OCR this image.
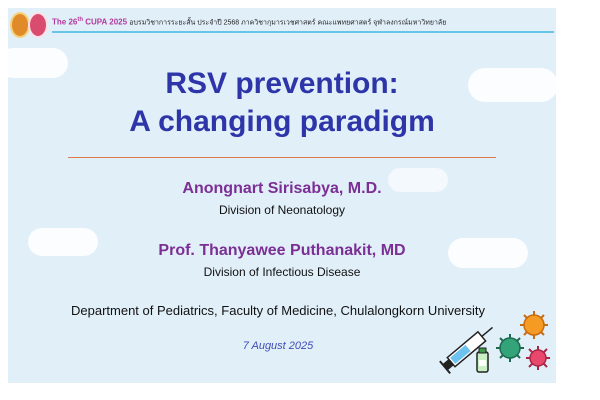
The 26th CUPA 2025 อบรมวิชาการระยะสั้น ประจำปี 2568 ภาควิชากุมารเวชศาสตร์ คณะแพทยศาสตร์ จุฬาลงกรณ์มหาวิทยาลัย
RSV prevention:
A changing paradigm
Anongnart Sirisabya, M.D.
Division of Neonatology
Prof. Thanyawee Puthanakit, MD
Division of Infectious Disease
Department of Pediatrics, Faculty of Medicine, Chulalongkorn University
7 August 2025
